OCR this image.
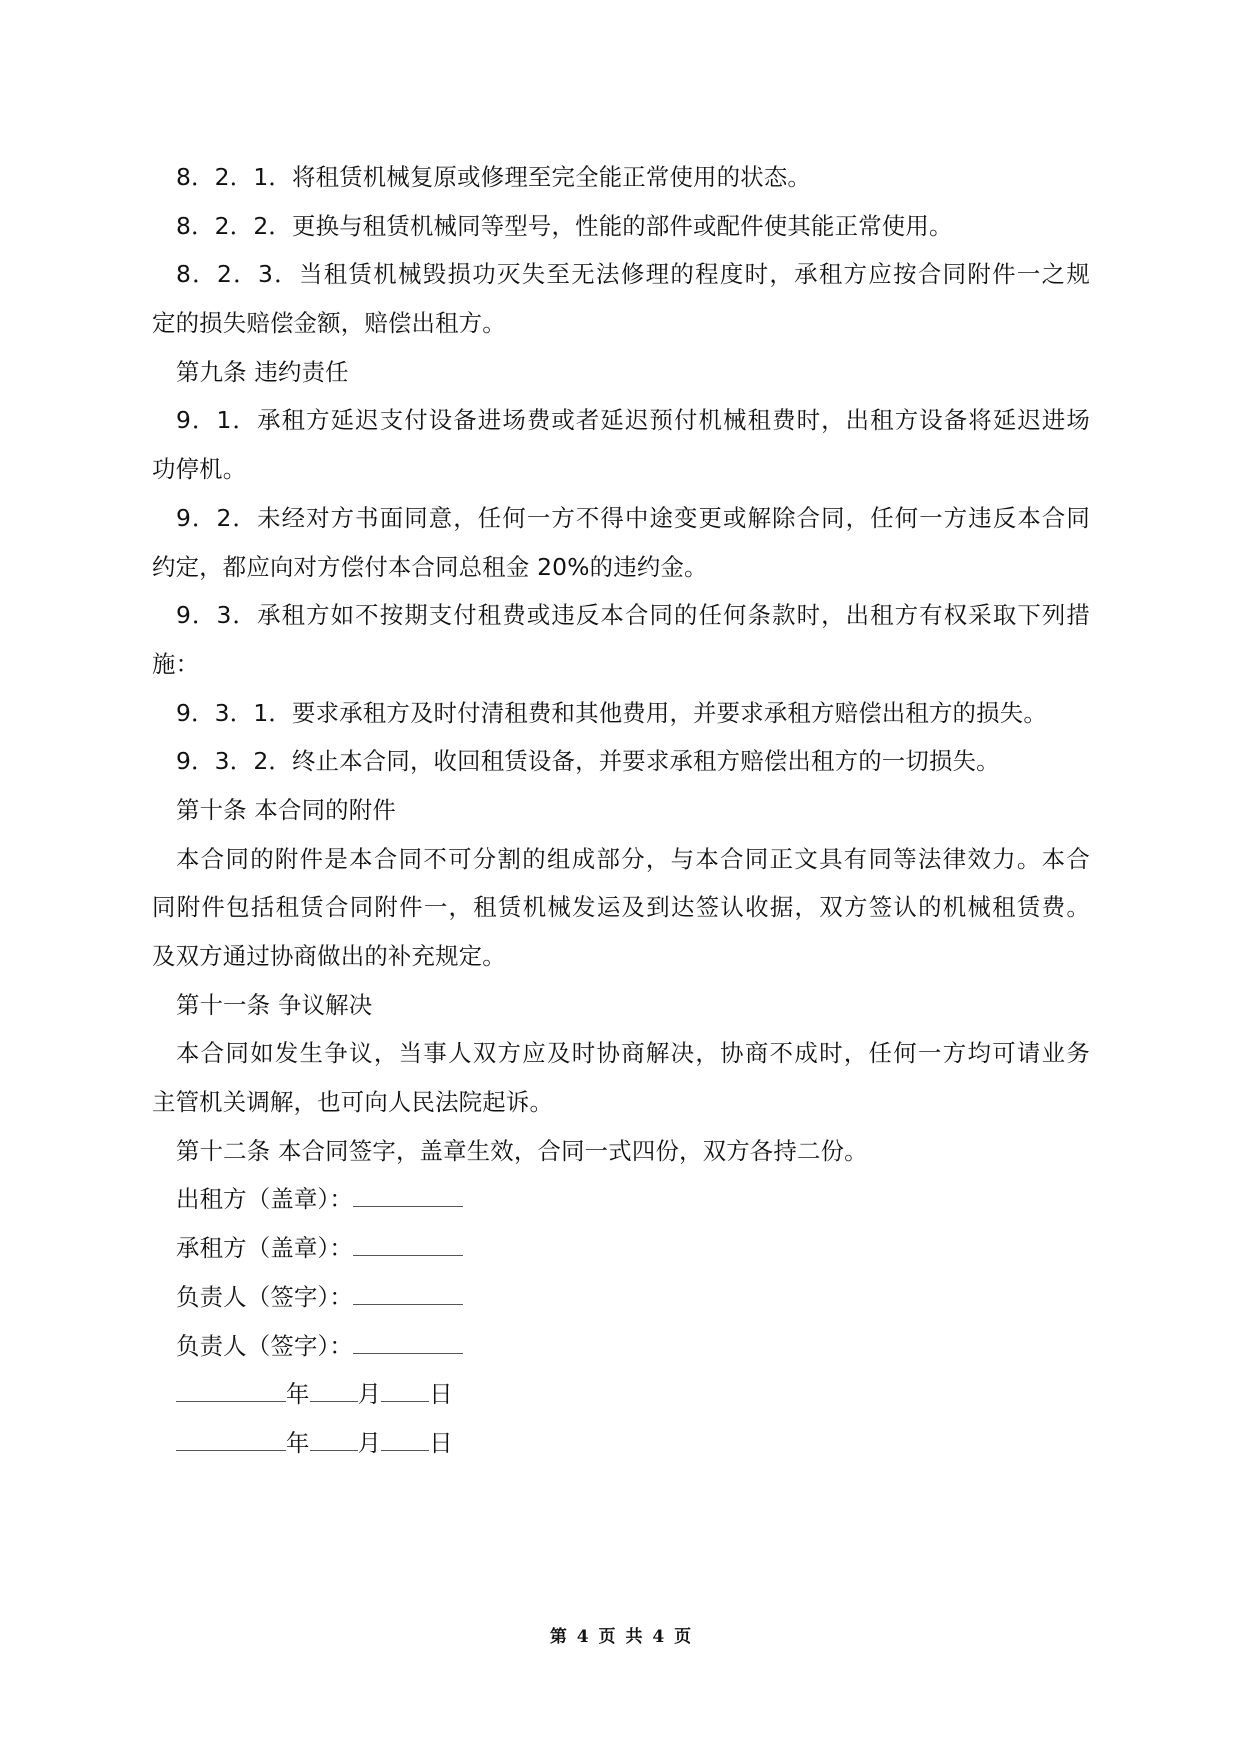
8．2．1．将租赁机械复原或修理至完全能正常使用的状态。
8．2．2．更换与租赁机械同等型号，性能的部件或配件使其能正常使用。
8．2．3．当租赁机械毁损功灭失至无法修理的程度时，承租方应按合同附件一之规
定的损失赔偿金额，赔偿出租方。
第九条 违约责任
9．1．承租方延迟支付设备进场费或者延迟预付机械租费时，出租方设备将延迟进场
功停机。
9．2．未经对方书面同意，任何一方不得中途变更或解除合同，任何一方违反本合同
约定，都应向对方偿付本合同总租金 20%的违约金。
9．3．承租方如不按期支付租费或违反本合同的任何条款时，出租方有权采取下列措
施：
9．3．1．要求承租方及时付清租费和其他费用，并要求承租方赔偿出租方的损失。
9．3．2．终止本合同，收回租赁设备，并要求承租方赔偿出租方的一切损失。
第十条 本合同的附件
本合同的附件是本合同不可分割的组成部分，与本合同正文具有同等法律效力。本合
同附件包括租赁合同附件一，租赁机械发运及到达签认收据，双方签认的机械租赁费。
及双方通过协商做出的补充规定。
第十一条 争议解决
本合同如发生争议，当事人双方应及时协商解决，协商不成时，任何一方均可请业务
主管机关调解，也可向人民法院起诉。
第十二条 本合同签字，盖章生效，合同一式四份，双方各持二份。
出租方（盖章）：
承租方（盖章）：
负责人（签字）：
负责人（签字）：
年 月 日
年 月 日
第 4 页 共 4 页
